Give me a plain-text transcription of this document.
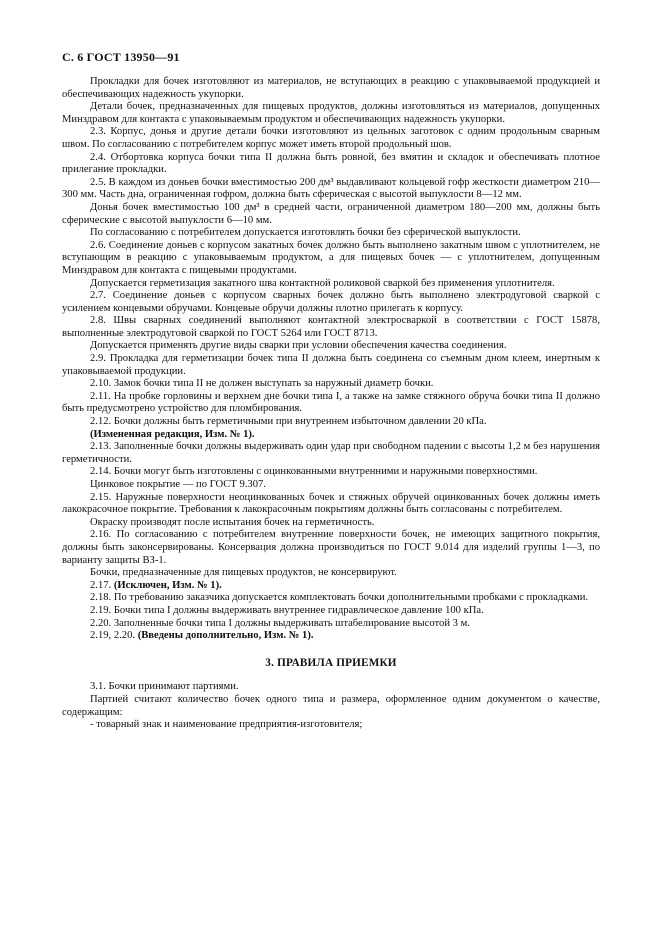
С. 6 ГОСТ 13950—91

Прокладки для бочек изготовляют из материалов, не вступающих в реакцию с упаковываемой продукцией и обеспечивающих надежность укупорки.

Детали бочек, предназначенных для пищевых продуктов, должны изготовляться из материалов, допущенных Минздравом для контакта с упаковываемым продуктом и обеспечивающих надежность укупорки.

2.3. Корпус, донья и другие детали бочки изготовляют из цельных заготовок с одним продольным сварным швом. По согласованию с потребителем корпус может иметь второй продольный шов.

2.4. Отбортовка корпуса бочки типа II должна быть ровной, без вмятин и складок и обеспечивать плотное прилегание прокладки.

2.5. В каждом из доньев бочки вместимостью 200 дм³ выдавливают кольцевой гофр жесткости диаметром 210—300 мм. Часть дна, ограниченная гофром, должна быть сферическая с высотой выпуклости 8—12 мм.

Донья бочек вместимостью 100 дм³ в средней части, ограниченной диаметром 180—200 мм, должны быть сферические с высотой выпуклости 6—10 мм.

По согласованию с потребителем допускается изготовлять бочки без сферической выпуклости.

2.6. Соединение доньев с корпусом закатных бочек должно быть выполнено закатным швом с уплотнителем, не вступающим в реакцию с упаковываемым продуктом, а для пищевых бочек — с уплотнителем, допущенным Минздравом для контакта с пищевыми продуктами.

Допускается герметизация закатного шва контактной роликовой сваркой без применения уплотнителя.

2.7. Соединение доньев с корпусом сварных бочек должно быть выполнено электродуговой сваркой с усилением концевыми обручами. Концевые обручи должны плотно прилегать к корпусу.

2.8. Швы сварных соединений выполняют контактной электросваркой в соответствии с ГОСТ 15878, выполненные электродуговой сваркой по ГОСТ 5264 или ГОСТ 8713.

Допускается применять другие виды сварки при условии обеспечения качества соединения.

2.9. Прокладка для герметизации бочек типа II должна быть соединена со съемным дном клеем, инертным к упаковываемой продукции.

2.10. Замок бочки типа II не должен выступать за наружный диаметр бочки.

2.11. На пробке горловины и верхнем дне бочки типа I, а также на замке стяжного обруча бочки типа II должно быть предусмотрено устройство для пломбирования.

2.12. Бочки должны быть герметичными при внутреннем избыточном давлении 20 кПа.

(Измененная редакция, Изм. № 1).

2.13. Заполненные бочки должны выдерживать один удар при свободном падении с высоты 1,2 м без нарушения герметичности.

2.14. Бочки могут быть изготовлены с оцинкованными внутренними и наружными поверхностями.

Цинковое покрытие — по ГОСТ 9.307.

2.15. Наружные поверхности неоцинкованных бочек и стяжных обручей оцинкованных бочек должны иметь лакокрасочное покрытие. Требования к лакокрасочным покрытиям должны быть согласованы с потребителем.

Окраску производят после испытания бочек на герметичность.

2.16. По согласованию с потребителем внутренние поверхности бочек, не имеющих защитного покрытия, должны быть законсервированы. Консервация должна производиться по ГОСТ 9.014 для изделий группы 1—3, по варианту защиты ВЗ-1.

Бочки, предназначенные для пищевых продуктов, не консервируют.

2.17. (Исключен, Изм. № 1).

2.18. По требованию заказчика допускается комплектовать бочки дополнительными пробками с прокладками.

2.19. Бочки типа I должны выдерживать внутреннее гидравлическое давление 100 кПа.

2.20. Заполненные бочки типа I должны выдерживать штабелирование высотой 3 м.

2.19, 2.20. (Введены дополнительно, Изм. № 1).

3. ПРАВИЛА ПРИЕМКИ

3.1. Бочки принимают партиями.

Партией считают количество бочек одного типа и размера, оформленное одним документом о качестве, содержащим:

- товарный знак и наименование предприятия-изготовителя;
